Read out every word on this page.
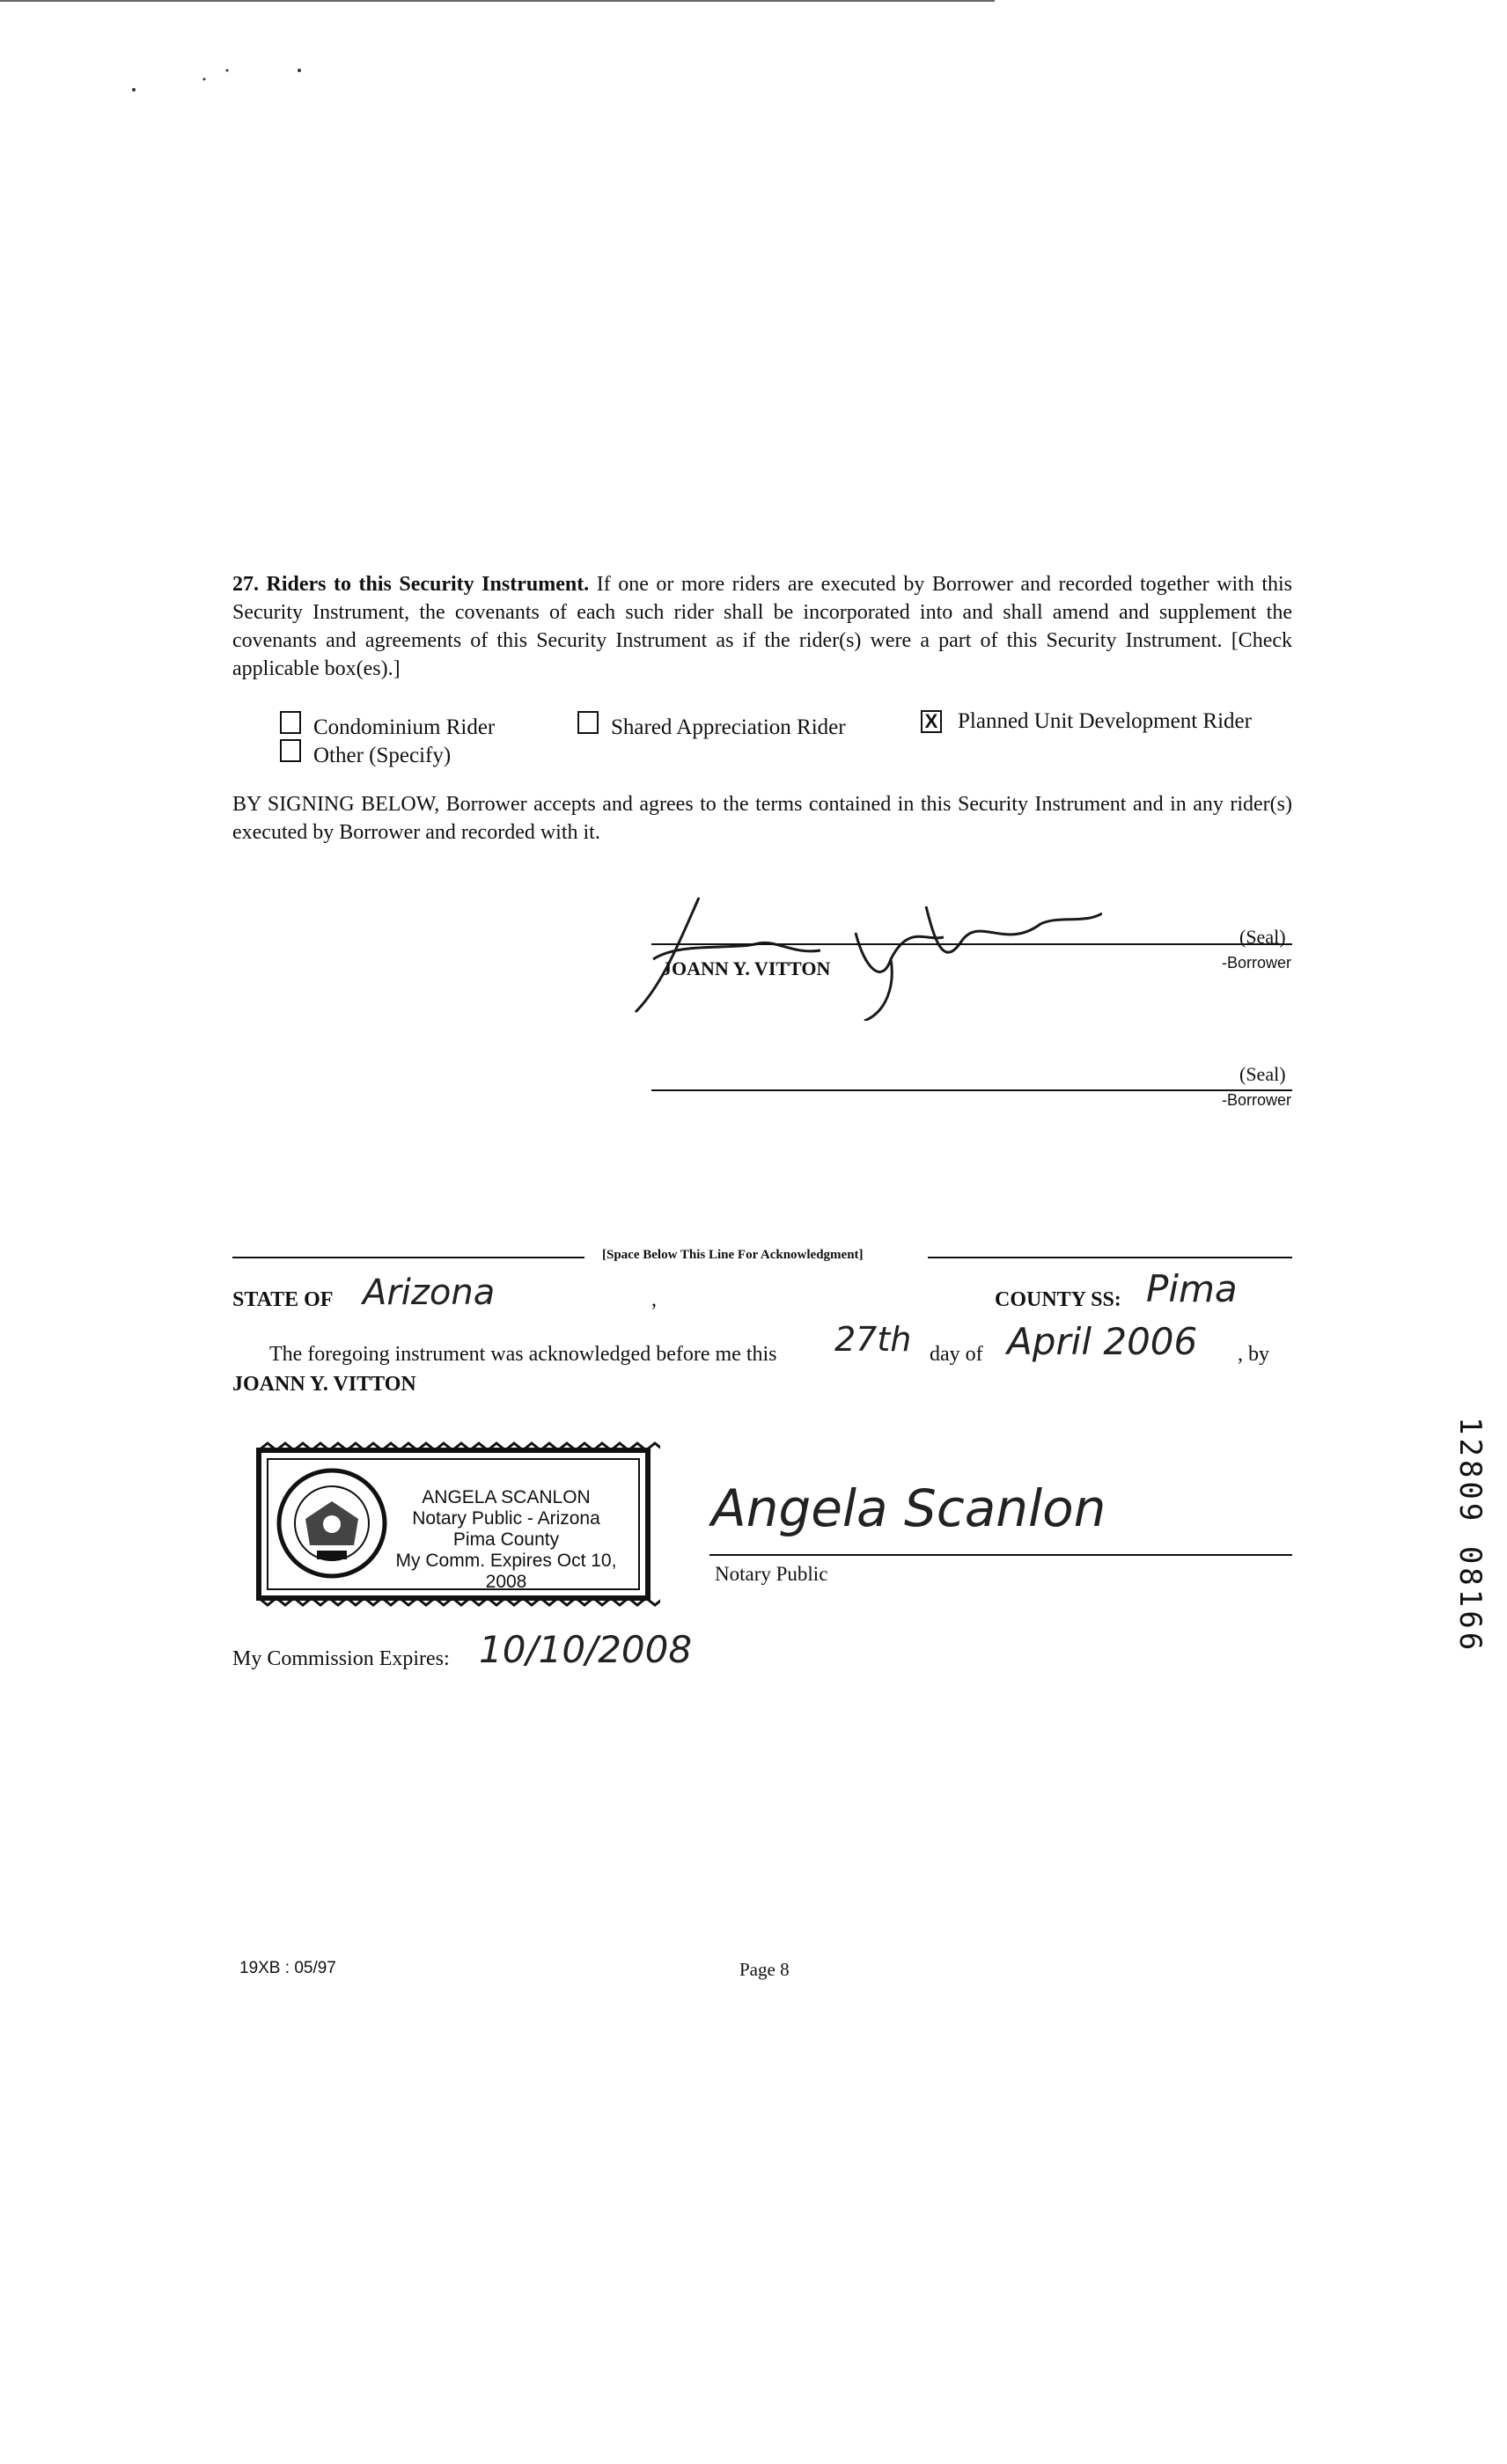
27. Riders to this Security Instrument. If one or more riders are executed by Borrower and recorded together with this Security Instrument, the covenants of each such rider shall be incorporated into and shall amend and supplement the covenants and agreements of this Security Instrument as if the rider(s) were a part of this Security Instrument. [Check applicable box(es).]
Condominium Rider	Shared Appreciation Rider	X Planned Unit Development Rider
Other (Specify)
BY SIGNING BELOW, Borrower accepts and agrees to the terms contained in this Security Instrument and in any rider(s) executed by Borrower and recorded with it.
(Seal)
JOANN Y. VITTON	-Borrower
(Seal)
-Borrower
[Space Below This Line For Acknowledgment]
STATE OF Arizona	,	COUNTY SS: Pima
The foregoing instrument was acknowledged before me this 27th day of April 2006 , by
JOANN Y. VITTON
ANGELA SCANLON
Notary Public - Arizona
Pima County
My Comm. Expires Oct 10, 2008
Angela Scanlon
Notary Public
My Commission Expires: 10/10/2008
19XB : 05/97	Page 8
12809 08166
